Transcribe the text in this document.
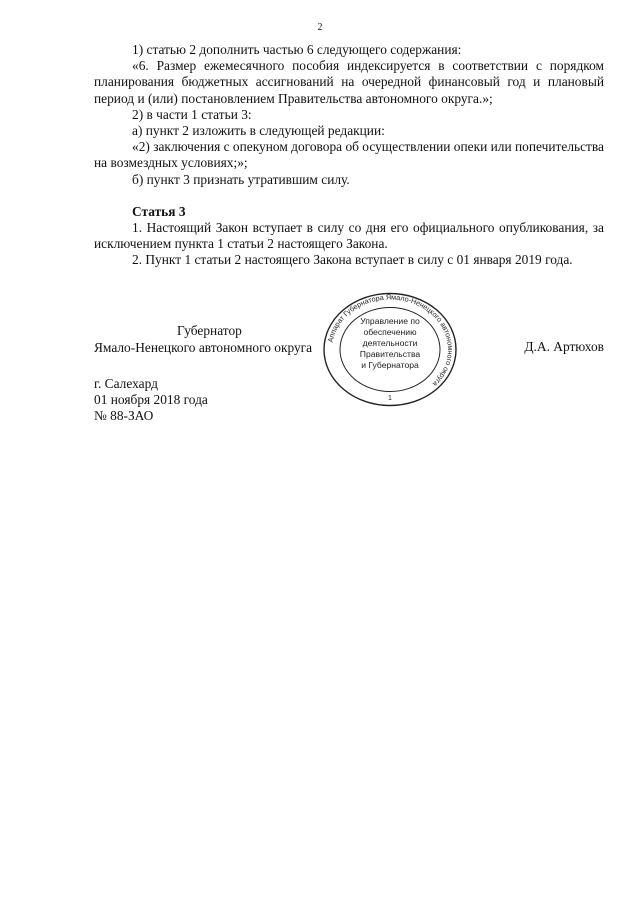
2

1) статью 2 дополнить частью 6 следующего содержания:

«6. Размер ежемесячного пособия индексируется в соответствии с порядком планирования бюджетных ассигнований на очередной финансовый год и плановый период и (или) постановлением Правительства автономного округа.»;

2) в части 1 статьи 3:

а) пункт 2 изложить в следующей редакции:

«2) заключения с опекуном договора об осуществлении опеки или попечительства на возмездных условиях;»;

б) пункт 3 признать утратившим силу.

Статья 3

1. Настоящий Закон вступает в силу со дня его официального опубликования, за исключением пункта 1 статьи 2 настоящего Закона.

2. Пункт 1 статьи 2 настоящего Закона вступает в силу с 01 января 2019 года.

Губернатор
Ямало-Ненецкого автономного округа
Аппарат Губернатора Ямало-Ненецкого автономного округа
Управление по
обеспечению
деятельности
Правительства
и Губернатора
1
Д.А. Артюхов
г. Салехард
01 ноября 2018 года
№ 88-ЗАО
